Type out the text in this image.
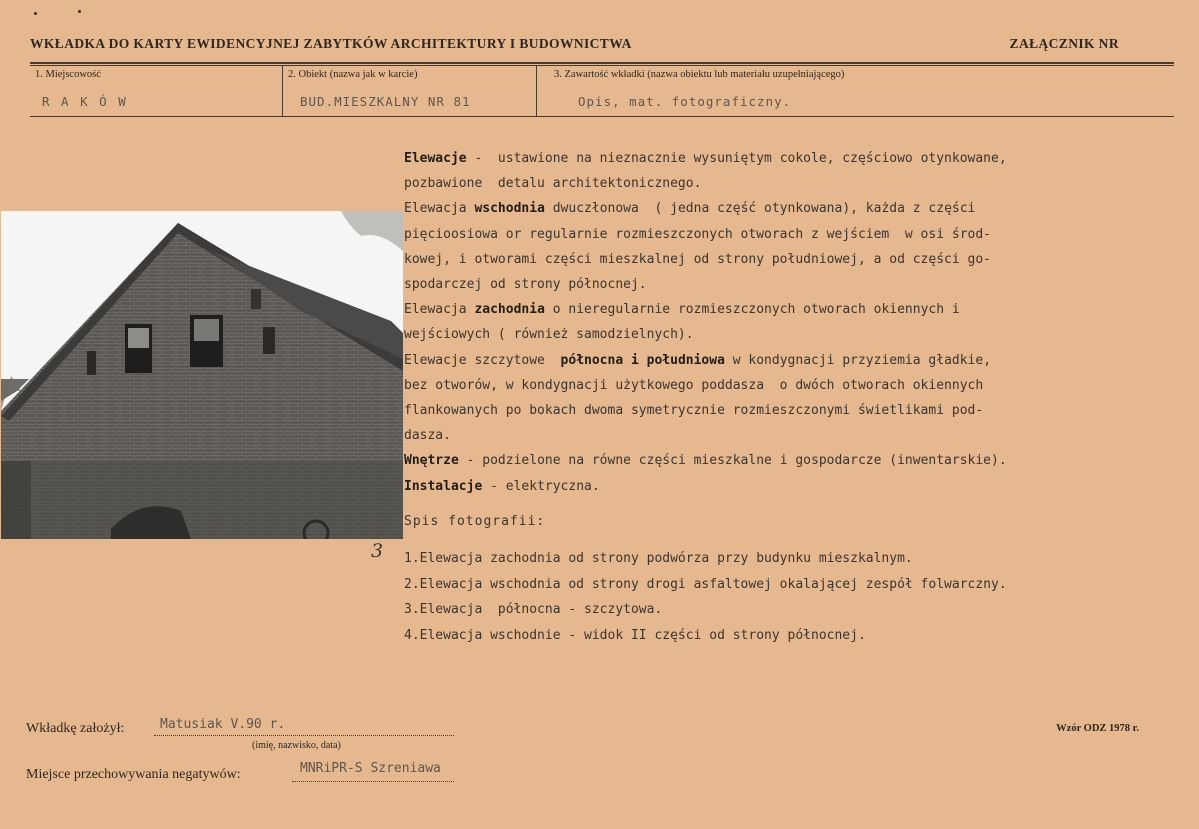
WKŁADKA DO KARTY EWIDENCYJNEJ ZABYTKÓW ARCHITEKTURY I BUDOWNICTWA	ZAŁĄCZNIK NR
1. Miejscowość
R A K Ó W
2. Obiekt (nazwa jak w karcie)
BUD.MIESZKALNY NR 81
3. Zawartość wkładki (nazwa obiektu lub materiału uzupełniającego)
Opis, mat. fotograficzny.
Elewacje -  ustawione na nieznacznie wysuniętym cokole, częściowo otynkowane,
pozbawione  detalu architektonicznego.
Elewacja wschodnia dwuczłonowa  ( jedna część otynkowana), każda z części
pięcioosiowa or regularnie rozmieszczonych otworach z wejściem  w osi środ-
kowej, i otworami części mieszkalnej od strony południowej, a od części go-
spodarczej od strony północnej.
Elewacja zachodnia o nieregularnie rozmieszczonych otworach okiennych i
wejściowych ( również samodzielnych).
Elewacje szczytowe  północna i południowa w kondygnacji przyziemia gładkie,
bez otworów, w kondygnacji użytkowego poddasza  o dwóch otworach okiennych
flankowanych po bokach dwoma symetrycznie rozmieszczonymi świetlikami pod-
dasza.
Wnętrze - podzielone na równe części mieszkalne i gospodarcze (inwentarskie).
Instalacje - elektryczna.
Spis fotografii:
3 1.Elewacja zachodnia od strony podwórza przy budynku mieszkalnym.
2.Elewacja wschodnia od strony drogi asfaltowej okalającej zespół folwarczny.
3.Elewacja  północna - szczytowa.
4.Elewacja wschodnie - widok II części od strony północnej.
Wkładkę założył:	Matusiak V.90 r.
(imię, nazwisko, data)
Miejsce przechowywania negatywów:	MNRiPR-S Szreniawa
Wzór ODZ 1978 r.
